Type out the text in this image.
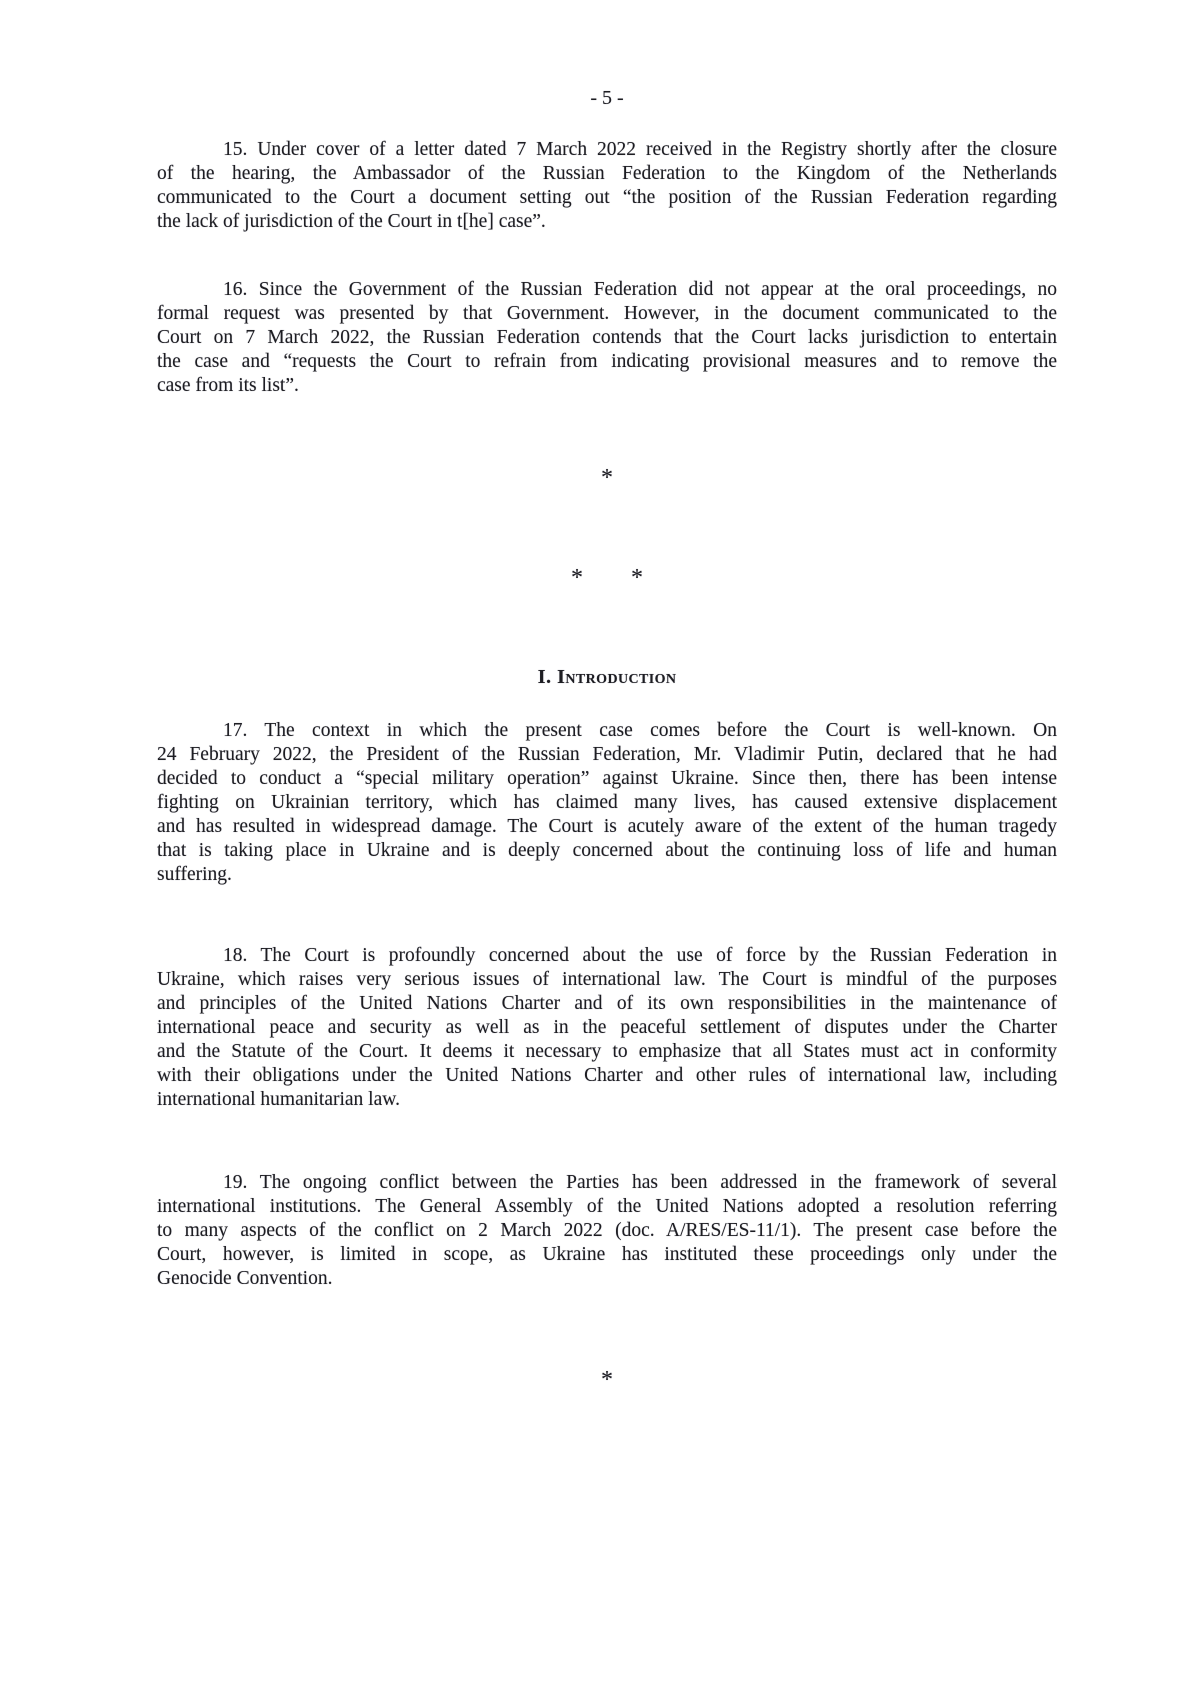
- 5 -
15. Under cover of a letter dated 7 March 2022 received in the Registry shortly after the closure
of the hearing, the Ambassador of the Russian Federation to the Kingdom of the Netherlands
communicated to the Court a document setting out “the position of the Russian Federation regarding
the lack of jurisdiction of the Court in t[he] case”.
16. Since the Government of the Russian Federation did not appear at the oral proceedings, no
formal request was presented by that Government. However, in the document communicated to the
Court on 7 March 2022, the Russian Federation contends that the Court lacks jurisdiction to entertain
the case and “requests the Court to refrain from indicating provisional measures and to remove the
case from its list”.
*
* *
I. Introduction
17. The context in which the present case comes before the Court is well-known. On
24 February 2022, the President of the Russian Federation, Mr. Vladimir Putin, declared that he had
decided to conduct a “special military operation” against Ukraine. Since then, there has been intense
fighting on Ukrainian territory, which has claimed many lives, has caused extensive displacement
and has resulted in widespread damage. The Court is acutely aware of the extent of the human tragedy
that is taking place in Ukraine and is deeply concerned about the continuing loss of life and human
suffering.
18. The Court is profoundly concerned about the use of force by the Russian Federation in
Ukraine, which raises very serious issues of international law. The Court is mindful of the purposes
and principles of the United Nations Charter and of its own responsibilities in the maintenance of
international peace and security as well as in the peaceful settlement of disputes under the Charter
and the Statute of the Court. It deems it necessary to emphasize that all States must act in conformity
with their obligations under the United Nations Charter and other rules of international law, including
international humanitarian law.
19. The ongoing conflict between the Parties has been addressed in the framework of several
international institutions. The General Assembly of the United Nations adopted a resolution referring
to many aspects of the conflict on 2 March 2022 (doc. A/RES/ES-11/1). The present case before the
Court, however, is limited in scope, as Ukraine has instituted these proceedings only under the
Genocide Convention.
*
